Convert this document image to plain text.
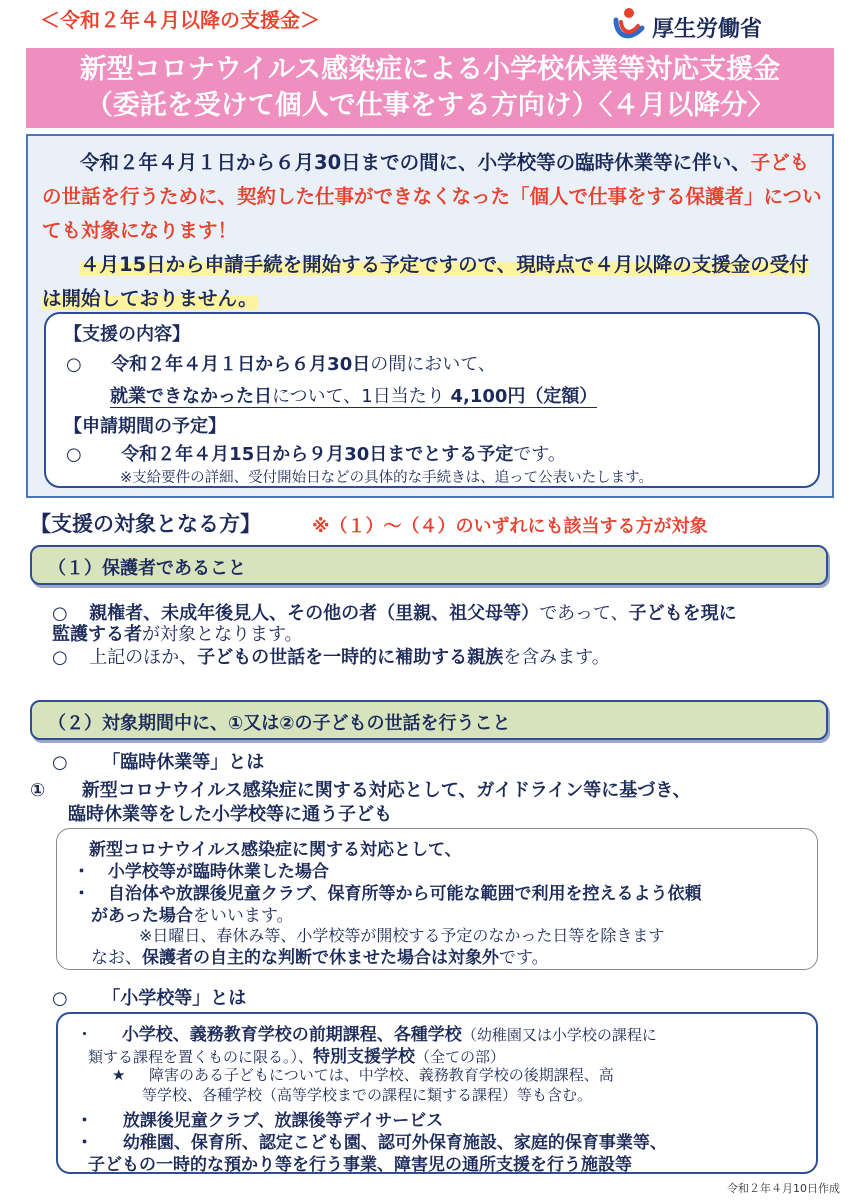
＜令和２年４月以降の支援金＞	厚生労働省
新型コロナウイルス感染症による小学校休業等対応支援金
（委託を受けて個人で仕事をする方向け）〈４月以降分〉
令和２年４月１日から６月30日までの間に、小学校等の臨時休業等に伴い、子どもの世話を行うために、契約した仕事ができなくなった「個人で仕事をする保護者」についても対象になります！
４月15日から申請手続を開始する予定ですので、現時点で４月以降の支援金の受付は開始しておりません。
【支援の内容】
○ 令和２年４月１日から６月30日の間において、
就業できなかった日について、1日当たり 4,100円（定額）
【申請期間の予定】
○ 令和２年４月15日から９月30日までとする予定です。
※支給要件の詳細、受付開始日などの具体的な手続きは、追って公表いたします。
【支援の対象となる方】	※（１）～（４）のいずれにも該当する方が対象
（１）保護者であること
○ 親権者、未成年後見人、その他の者（里親、祖父母等）であって、子どもを現に
監護する者が対象となります。
○ 上記のほか、子どもの世話を一時的に補助する親族を含みます。
（２）対象期間中に、①又は②の子どもの世話を行うこと
○ 「臨時休業等」とは
① 新型コロナウイルス感染症に関する対応として、ガイドライン等に基づき、
臨時休業等をした小学校等に通う子ども
新型コロナウイルス感染症に関する対応として、
・ 小学校等が臨時休業した場合
・ 自治体や放課後児童クラブ、保育所等から可能な範囲で利用を控えるよう依頼
があった場合をいいます。
※日曜日、春休み等、小学校等が開校する予定のなかった日等を除きます
なお、保護者の自主的な判断で休ませた場合は対象外です。
○ 「小学校等」とは
・ 小学校、義務教育学校の前期課程、各種学校（幼稚園又は小学校の課程に
類する課程を置くものに限る。）、特別支援学校（全ての部）
★ 障害のある子どもについては、中学校、義務教育学校の後期課程、高
等学校、各種学校（高等学校までの課程に類する課程）等も含む。
・ 放課後児童クラブ、放課後等デイサービス
・ 幼稚園、保育所、認定こども園、認可外保育施設、家庭的保育事業等、
子どもの一時的な預かり等を行う事業、障害児の通所支援を行う施設等
令和２年４月10日作成
